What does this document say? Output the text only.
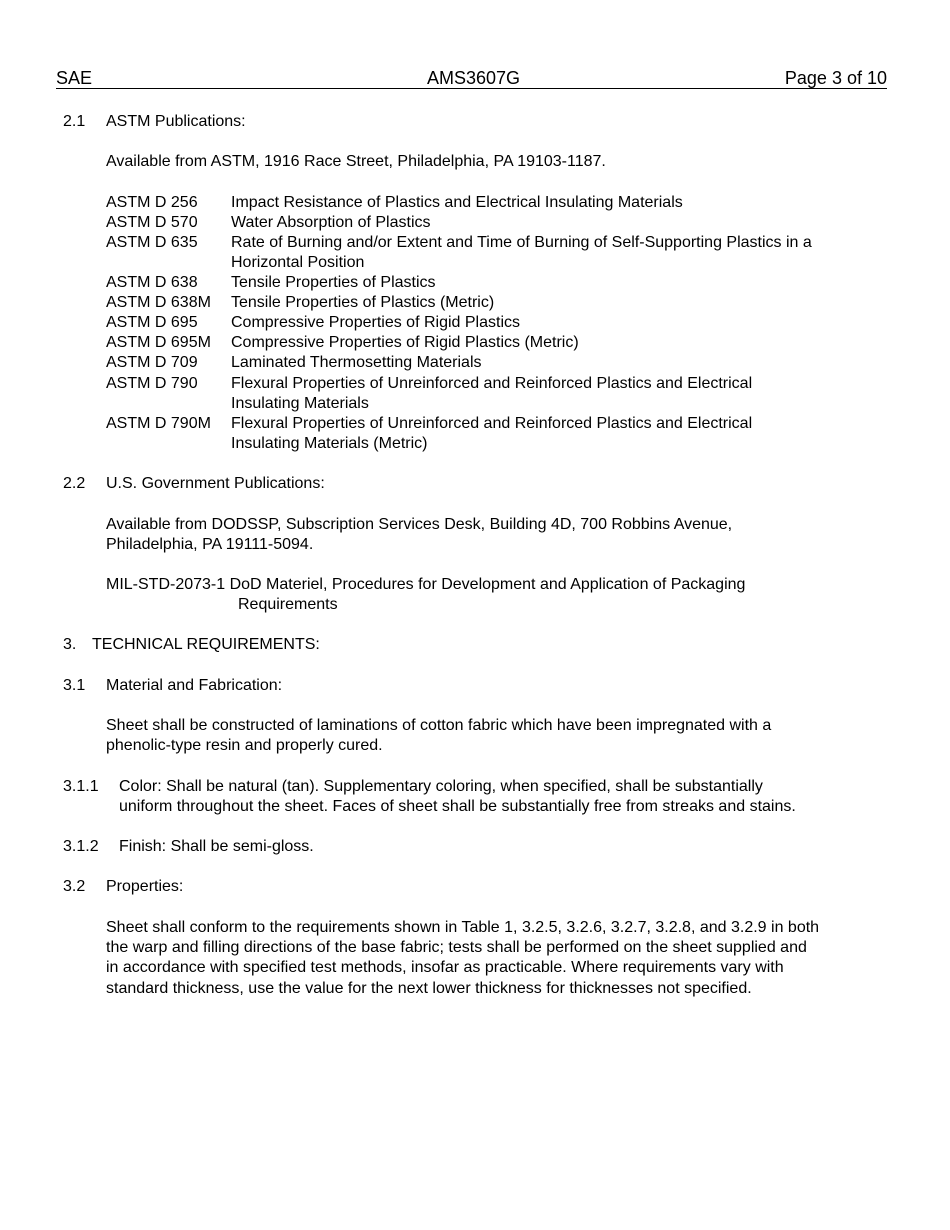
SAE	AMS3607G	Page 3 of 10
2.1 ASTM Publications:
Available from ASTM, 1916 Race Street, Philadelphia, PA 19103-1187.
ASTM D 256 Impact Resistance of Plastics and Electrical Insulating Materials
ASTM D 570 Water Absorption of Plastics
ASTM D 635 Rate of Burning and/or Extent and Time of Burning of Self-Supporting Plastics in a
Horizontal Position
ASTM D 638 Tensile Properties of Plastics
ASTM D 638M Tensile Properties of Plastics (Metric)
ASTM D 695 Compressive Properties of Rigid Plastics
ASTM D 695M Compressive Properties of Rigid Plastics (Metric)
ASTM D 709 Laminated Thermosetting Materials
ASTM D 790 Flexural Properties of Unreinforced and Reinforced Plastics and Electrical
Insulating Materials
ASTM D 790M Flexural Properties of Unreinforced and Reinforced Plastics and Electrical
Insulating Materials (Metric)
2.2 U.S. Government Publications:
Available from DODSSP, Subscription Services Desk, Building 4D, 700 Robbins Avenue,
Philadelphia, PA 19111-5094.
MIL-STD-2073-1 DoD Materiel, Procedures for Development and Application of Packaging
Requirements
3. TECHNICAL REQUIREMENTS:
3.1 Material and Fabrication:
Sheet shall be constructed of laminations of cotton fabric which have been impregnated with a
phenolic-type resin and properly cured.
3.1.1 Color: Shall be natural (tan). Supplementary coloring, when specified, shall be substantially
uniform throughout the sheet. Faces of sheet shall be substantially free from streaks and stains.
3.1.2 Finish: Shall be semi-gloss.
3.2 Properties:
Sheet shall conform to the requirements shown in Table 1, 3.2.5, 3.2.6, 3.2.7, 3.2.8, and 3.2.9 in both
the warp and filling directions of the base fabric; tests shall be performed on the sheet supplied and
in accordance with specified test methods, insofar as practicable. Where requirements vary with
standard thickness, use the value for the next lower thickness for thicknesses not specified.
